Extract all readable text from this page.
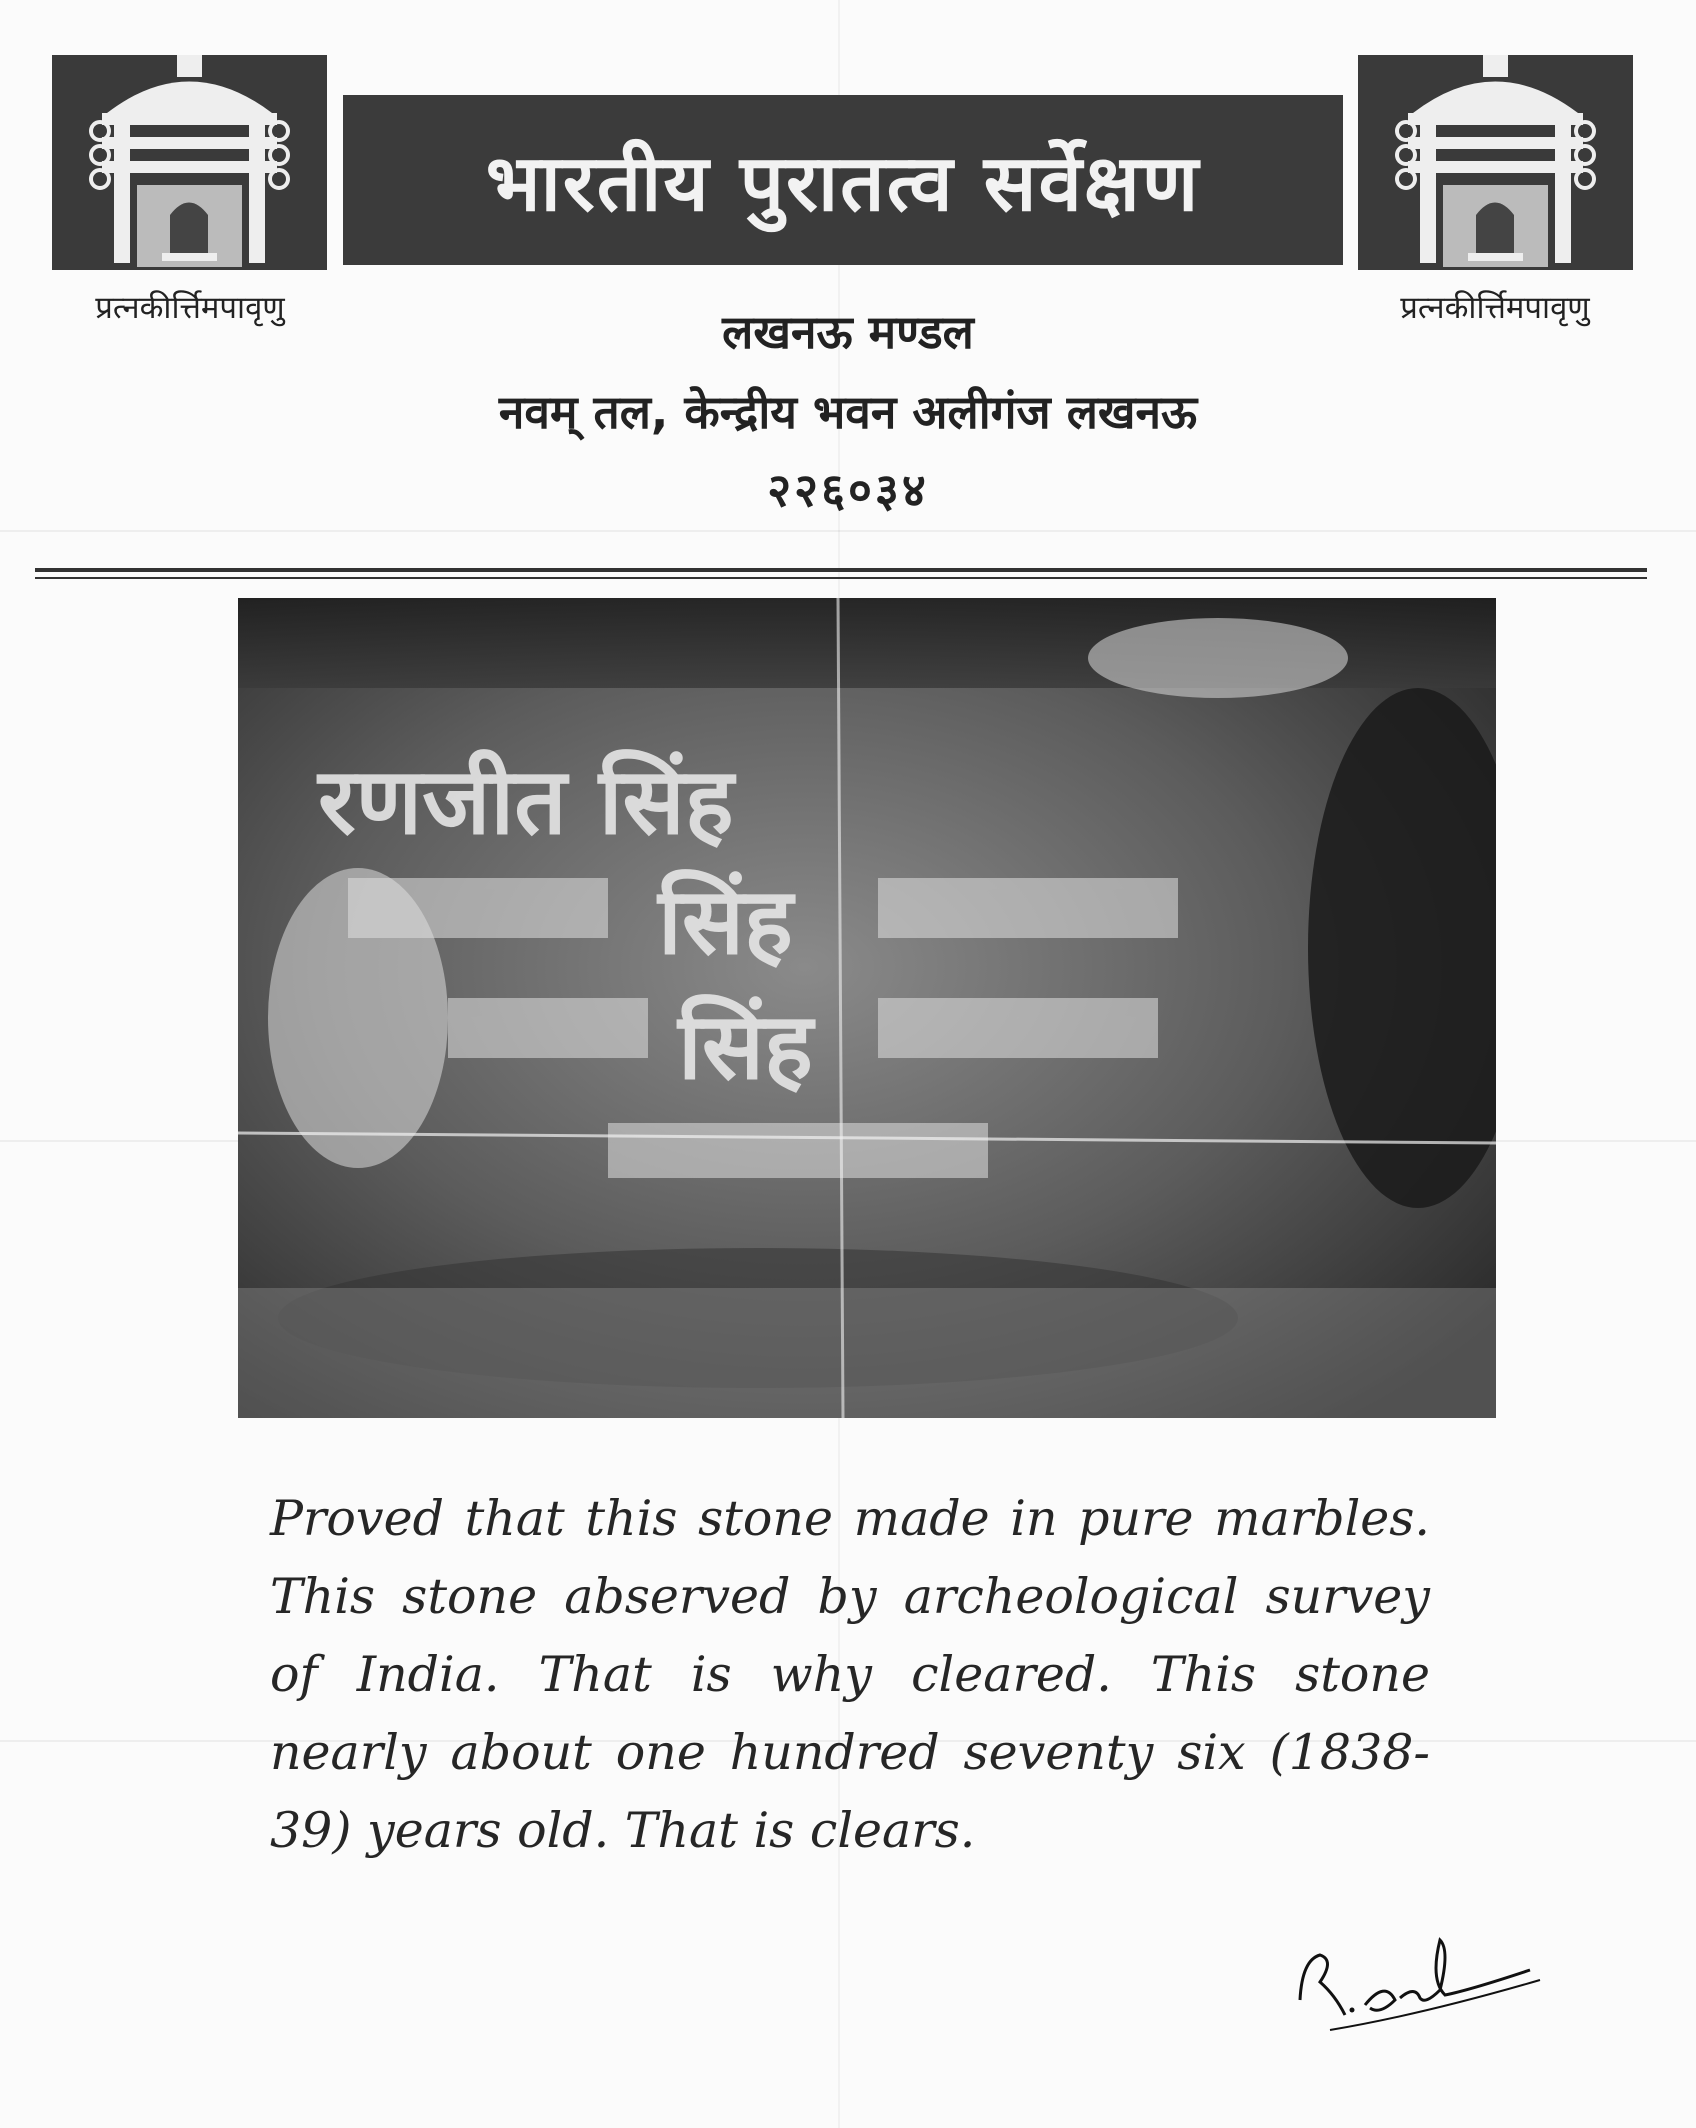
प्रत्नकीर्त्तिमपावृणु	प्रत्नकीर्त्तिमपावृणु
भारतीय पुरातत्व सर्वेक्षण
लखनऊ मण्डल
नवम् तल, केन्द्रीय भवन अलीगंज लखनऊ
२२६०३४
रणजीत सिंह
सिंह
सिंह
Proved that this stone made in pure marbles. This stone abserved by archeological survey of India. That is why cleared. This stone nearly about one hundred seventy six (1838-39) years old. That is clears.
